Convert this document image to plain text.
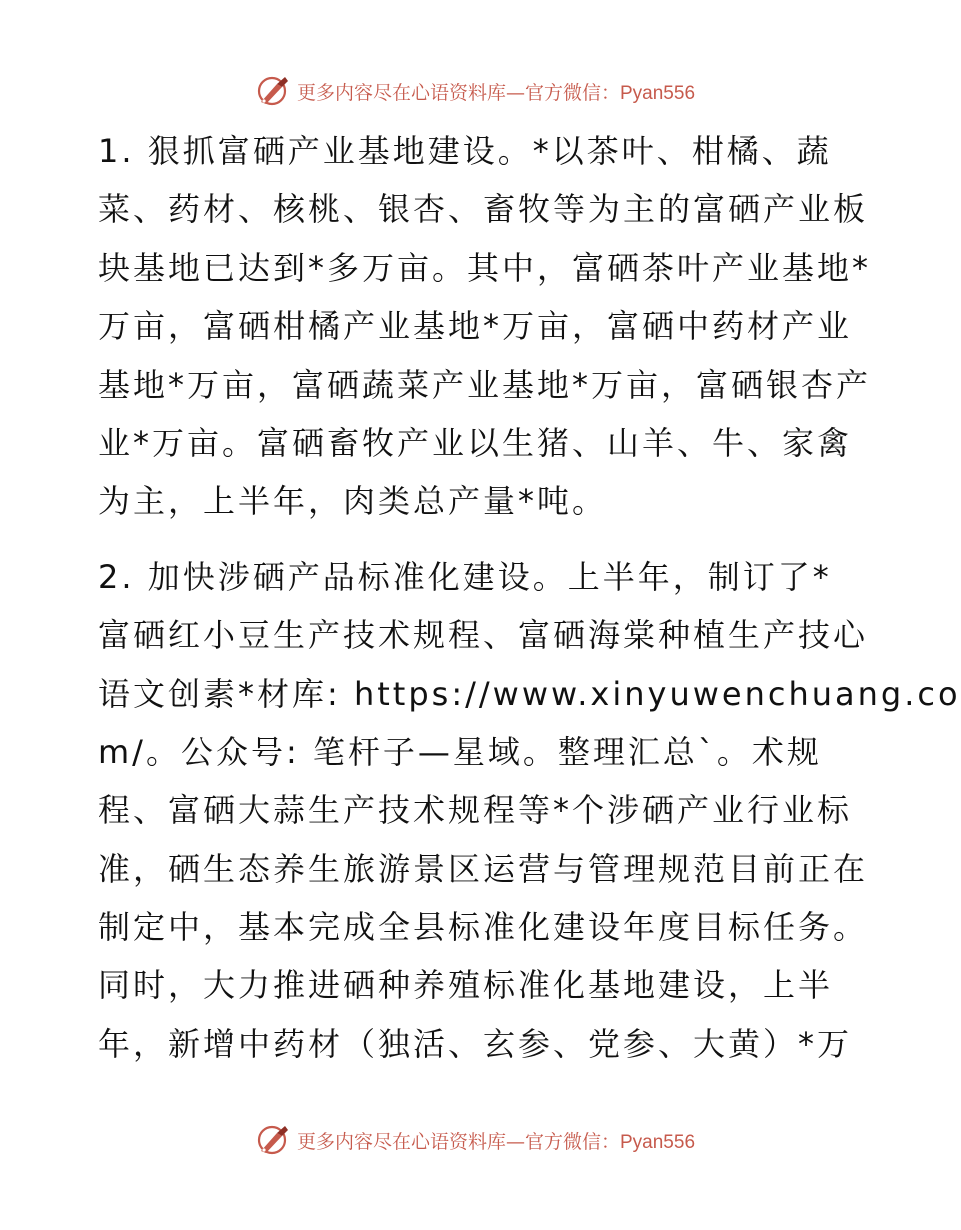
更多内容尽在心语资料库—官方微信：Pyan556
1. 狠抓富硒产业基地建设。*以茶叶、柑橘、蔬
菜、药材、核桃、银杏、畜牧等为主的富硒产业板
块基地已达到*多万亩。其中，富硒茶叶产业基地*
万亩，富硒柑橘产业基地*万亩，富硒中药材产业
基地*万亩，富硒蔬菜产业基地*万亩，富硒银杏产
业*万亩。富硒畜牧产业以生猪、山羊、牛、家禽
为主，上半年，肉类总产量*吨。
2. 加快涉硒产品标准化建设。上半年，制订了*
富硒红小豆生产技术规程、富硒海棠种植生产技心
语文创素*材库: https://www.xinyuwenchuang.co
m/。公众号: 笔杆子—星域。整理汇总`。术规
程、富硒大蒜生产技术规程等*个涉硒产业行业标
准，硒生态养生旅游景区运营与管理规范目前正在
制定中，基本完成全县标准化建设年度目标任务。
同时，大力推进硒种养殖标准化基地建设，上半
年，新增中药材（独活、玄参、党参、大黄）*万
更多内容尽在心语资料库—官方微信：Pyan556
